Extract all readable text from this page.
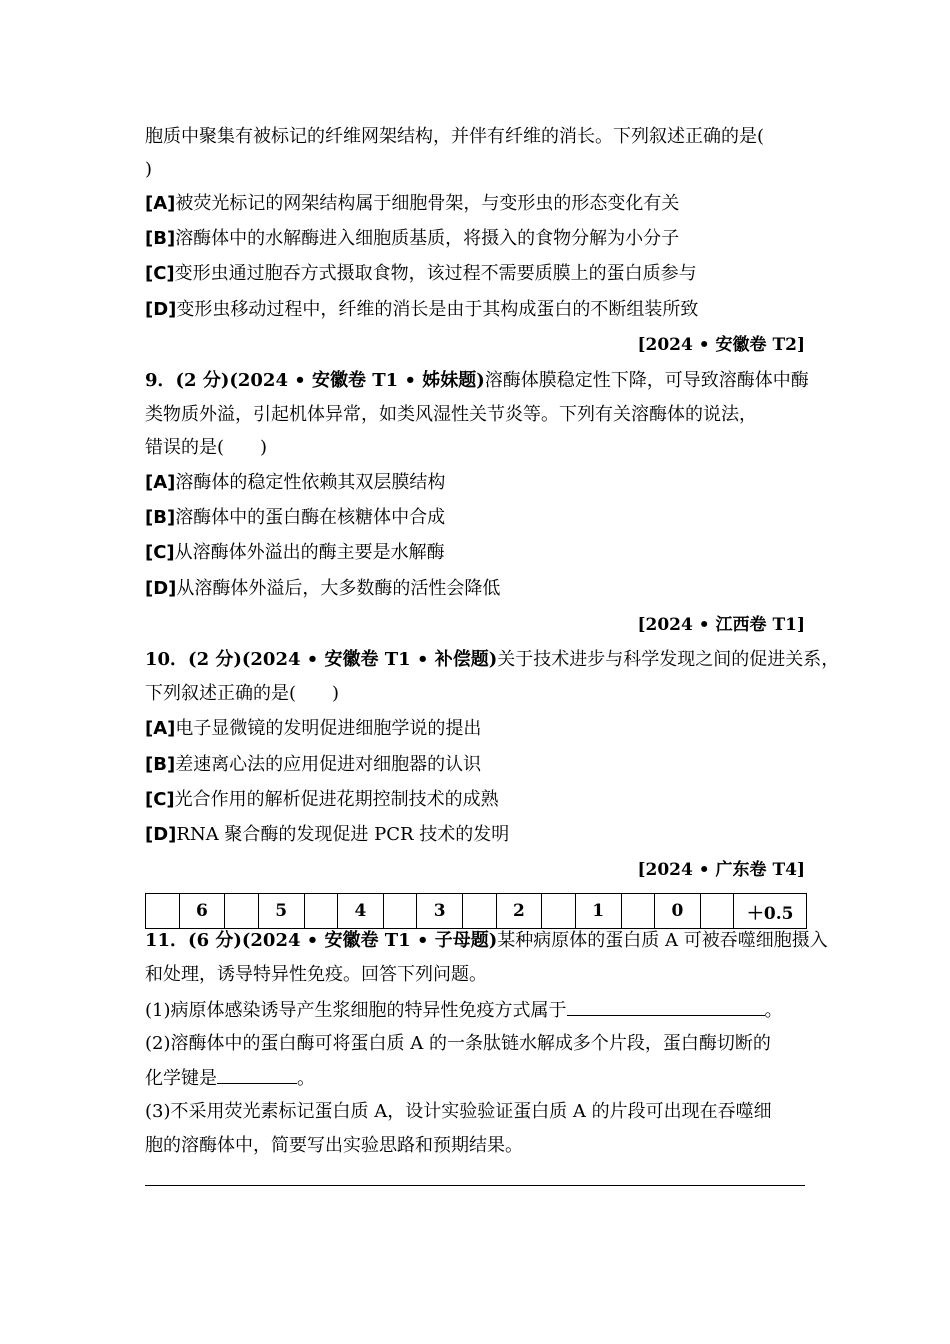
胞质中聚集有被标记的纤维网架结构，并伴有纤维的消长。下列叙述正确的是(
)
[A]被荧光标记的网架结构属于细胞骨架，与变形虫的形态变化有关
[B]溶酶体中的水解酶进入细胞质基质，将摄入的食物分解为小分子
[C]变形虫通过胞吞方式摄取食物，该过程不需要质膜上的蛋白质参与
[D]变形虫移动过程中，纤维的消长是由于其构成蛋白的不断组装所致
[2024 • 安徽卷 T2]
9．(2 分)(2024 • 安徽卷 T1 • 姊妹题)溶酶体膜稳定性下降，可导致溶酶体中酶
类物质外溢，引起机体异常，如类风湿性关节炎等。下列有关溶酶体的说法，
错误的是(　　)
[A]溶酶体的稳定性依赖其双层膜结构
[B]溶酶体中的蛋白酶在核糖体中合成
[C]从溶酶体外溢出的酶主要是水解酶
[D]从溶酶体外溢后，大多数酶的活性会降低
[2024 • 江西卷 T1]
10．(2 分)(2024 • 安徽卷 T1 • 补偿题)关于技术进步与科学发现之间的促进关系，
下列叙述正确的是(　　)
[A]电子显微镜的发明促进细胞学说的提出
[B]差速离心法的应用促进对细胞器的认识
[C]光合作用的解析促进花期控制技术的成熟
[D]RNA 聚合酶的发现促进 PCR 技术的发明
[2024 • 广东卷 T4]
	6		5		4		3		2		1		0		＋0.5
11．(6 分)(2024 • 安徽卷 T1 • 子母题)某种病原体的蛋白质 A 可被吞噬细胞摄入
和处理，诱导特异性免疫。回答下列问题。
(1)病原体感染诱导产生浆细胞的特异性免疫方式属于	。
(2)溶酶体中的蛋白酶可将蛋白质 A 的一条肽链水解成多个片段，蛋白酶切断的
化学键是	。
(3)不采用荧光素标记蛋白质 A，设计实验验证蛋白质 A 的片段可出现在吞噬细
胞的溶酶体中，简要写出实验思路和预期结果。
